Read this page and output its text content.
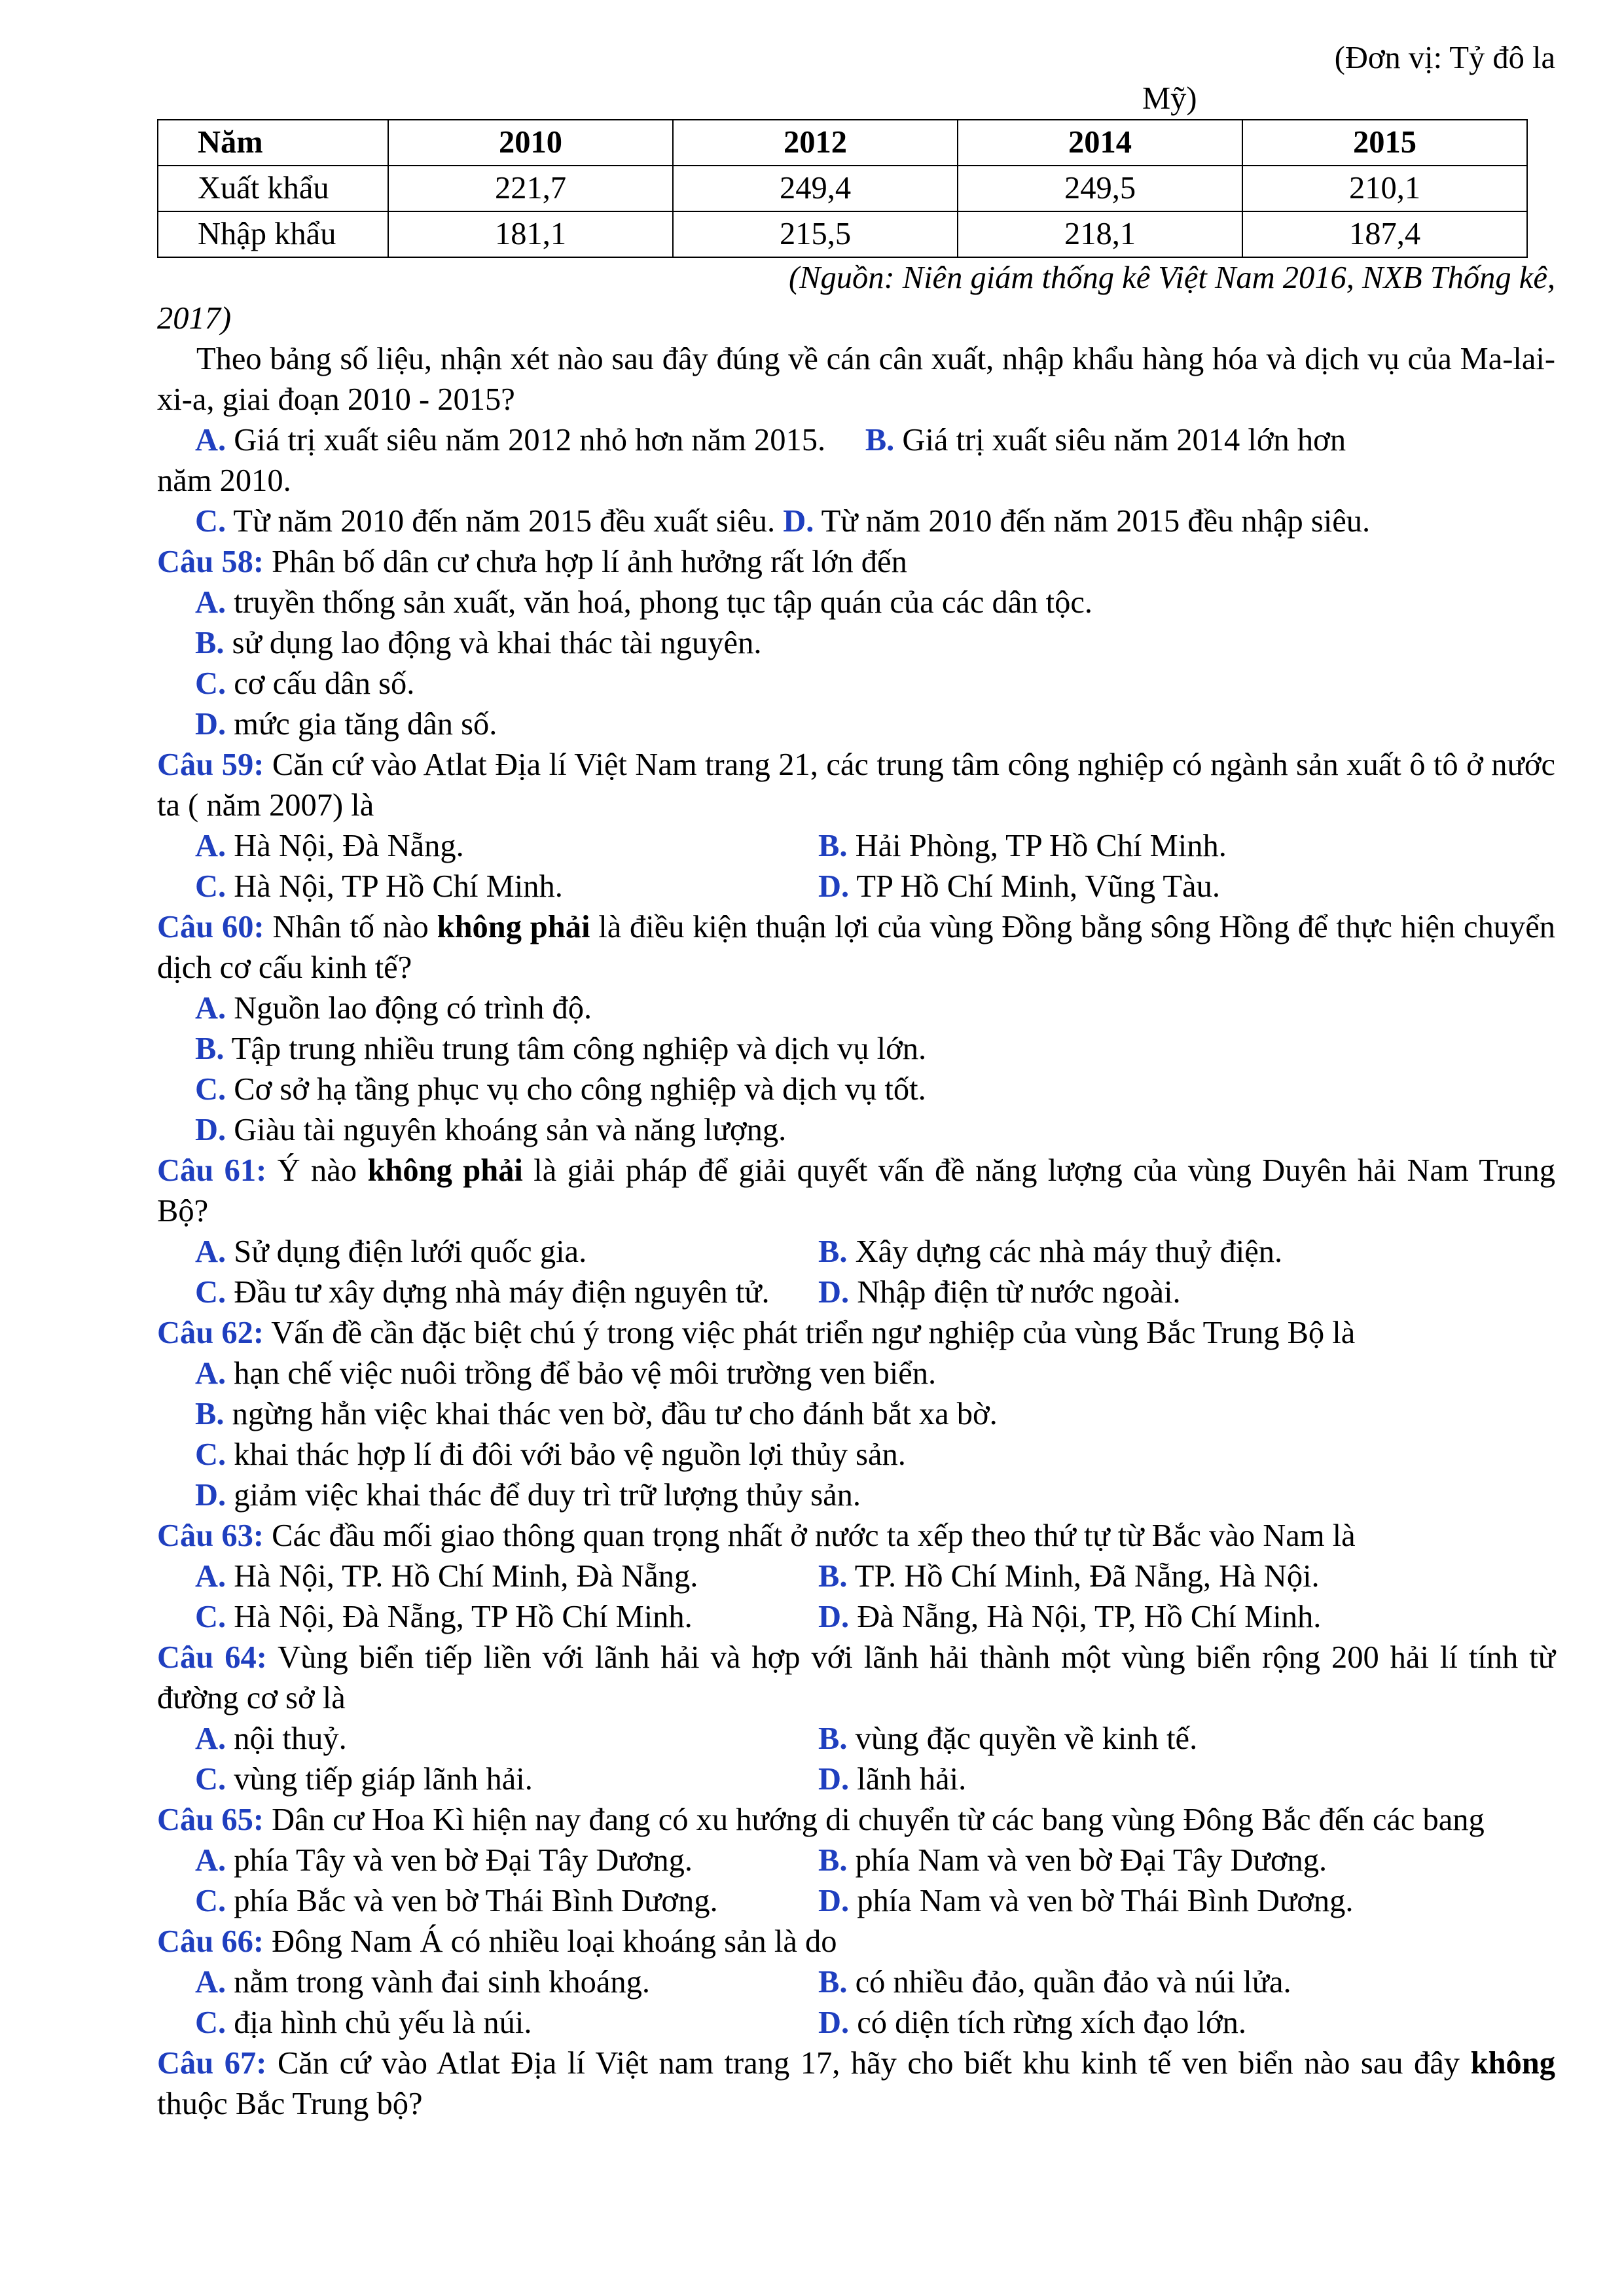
(Đơn vị: Tỷ đô la

Mỹ)

Năm	2010	2012	2014	2015
Xuất khẩu	221,7	249,4	249,5	210,1
Nhập khẩu	181,1	215,5	218,1	187,4

(Nguồn: Niên giám thống kê Việt Nam 2016, NXB Thống kê,

2017)

Theo bảng số liệu, nhận xét nào sau đây đúng về cán cân xuất, nhập khẩu hàng hóa và dịch vụ của Ma-lai-xi-a, giai đoạn 2010 - 2015?

A. Giá trị xuất siêu năm 2012 nhỏ hơn năm 2015. B. Giá trị xuất siêu năm 2014 lớn hơn

năm 2010.

C. Từ năm 2010 đến năm 2015 đều xuất siêu. D. Từ năm 2010 đến năm 2015 đều nhập siêu.

Câu 58: Phân bố dân cư chưa hợp lí ảnh hưởng rất lớn đến

A. truyền thống sản xuất, văn hoá, phong tục tập quán của các dân tộc.

B. sử dụng lao động và khai thác tài nguyên.

C. cơ cấu dân số.

D. mức gia tăng dân số.

Câu 59: Căn cứ vào Atlat Địa lí Việt Nam trang 21, các trung tâm công nghiệp có ngành sản xuất ô tô ở nước ta ( năm 2007) là

A. Hà Nội, Đà Nẵng.	B. Hải Phòng, TP Hồ Chí Minh.
C. Hà Nội, TP Hồ Chí Minh.	D. TP Hồ Chí Minh, Vũng Tàu.

Câu 60: Nhân tố nào không phải là điều kiện thuận lợi của vùng Đồng bằng sông Hồng để thực hiện chuyển dịch cơ cấu kinh tế?

A. Nguồn lao động có trình độ.

B. Tập trung nhiều trung tâm công nghiệp và dịch vụ lớn.

C. Cơ sở hạ tầng phục vụ cho công nghiệp và dịch vụ tốt.

D. Giàu tài nguyên khoáng sản và năng lượng.

Câu 61: Ý nào không phải là giải pháp để giải quyết vấn đề năng lượng của vùng Duyên hải Nam Trung Bộ?

A. Sử dụng điện lưới quốc gia.	B. Xây dựng các nhà máy thuỷ điện.
C. Đầu tư xây dựng nhà máy điện nguyên tử.	D. Nhập điện từ nước ngoài.

Câu 62: Vấn đề cần đặc biệt chú ý trong việc phát triển ngư nghiệp của vùng Bắc Trung Bộ là

A. hạn chế việc nuôi trồng để bảo vệ môi trường ven biển.

B. ngừng hẳn việc khai thác ven bờ, đầu tư cho đánh bắt xa bờ.

C. khai thác hợp lí đi đôi với bảo vệ nguồn lợi thủy sản.

D. giảm việc khai thác để duy trì trữ lượng thủy sản.

Câu 63: Các đầu mối giao thông quan trọng nhất ở nước ta xếp theo thứ tự từ Bắc vào Nam là

A. Hà Nội, TP. Hồ Chí Minh, Đà Nẵng.	B. TP. Hồ Chí Minh, Đã Nẵng, Hà Nội.
C. Hà Nội, Đà Nẵng, TP Hồ Chí Minh.	D. Đà Nẵng, Hà Nội, TP, Hồ Chí Minh.

Câu 64: Vùng biển tiếp liền với lãnh hải và hợp với lãnh hải thành một vùng biển rộng 200 hải lí tính từ đường cơ sở là

A. nội thuỷ.	B. vùng đặc quyền về kinh tế.
C. vùng tiếp giáp lãnh hải.	D. lãnh hải.

Câu 65: Dân cư Hoa Kì hiện nay đang có xu hướng di chuyển từ các bang vùng Đông Bắc đến các bang

A. phía Tây và ven bờ Đại Tây Dương.	B. phía Nam và ven bờ Đại Tây Dương.
C. phía Bắc và ven bờ Thái Bình Dương.	D. phía Nam và ven bờ Thái Bình Dương.

Câu 66: Đông Nam Á có nhiều loại khoáng sản là do

A. nằm trong vành đai sinh khoáng.	B. có nhiều đảo, quần đảo và núi lửa.
C. địa hình chủ yếu là núi.	D. có diện tích rừng xích đạo lớn.

Câu 67: Căn cứ vào Atlat Địa lí Việt nam trang 17, hãy cho biết khu kinh tế ven biển nào sau đây không thuộc Bắc Trung bộ?
